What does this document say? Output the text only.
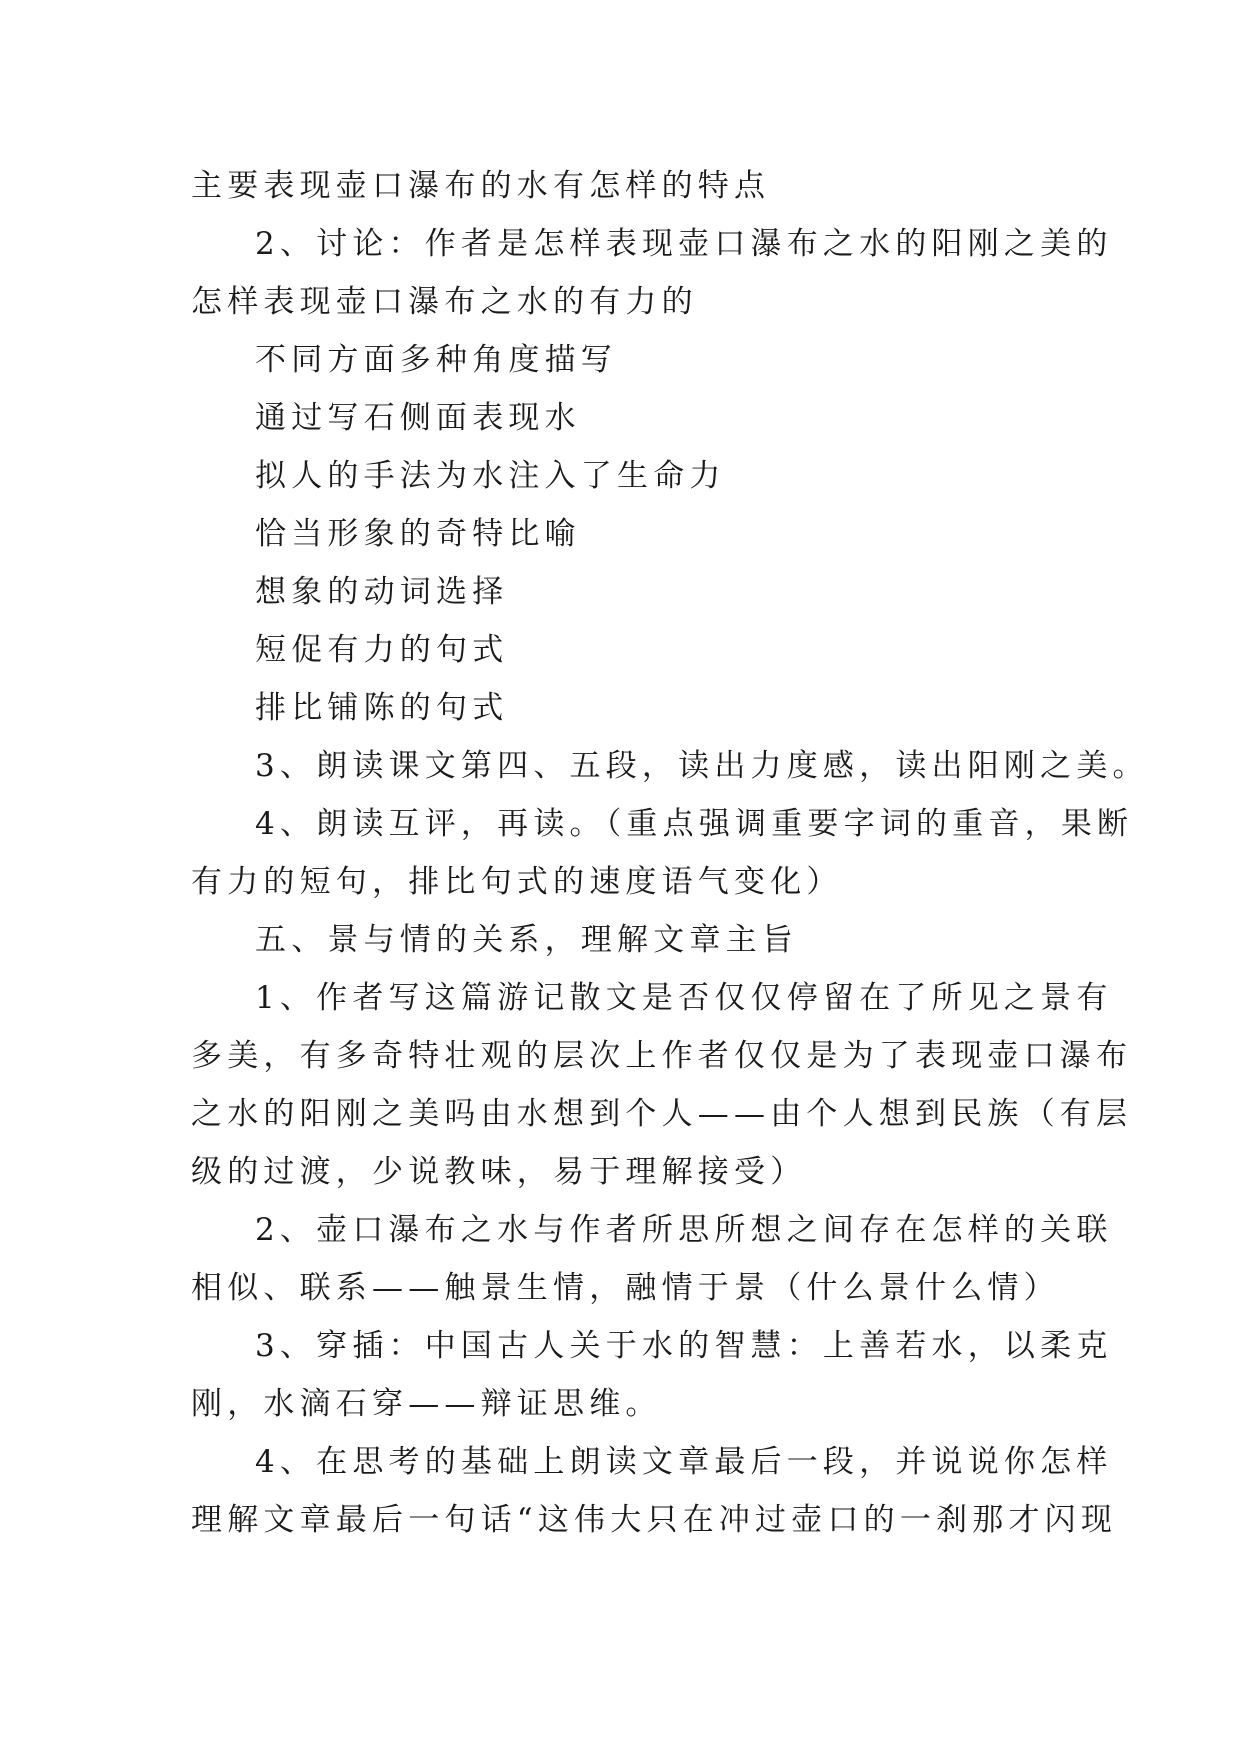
主要表现壶口瀑布的水有怎样的特点
2、讨论：作者是怎样表现壶口瀑布之水的阳刚之美的
怎样表现壶口瀑布之水的有力的
不同方面多种角度描写
通过写石侧面表现水
拟人的手法为水注入了生命力
恰当形象的奇特比喻
想象的动词选择
短促有力的句式
排比铺陈的句式
3、朗读课文第四、五段，读出力度感，读出阳刚之美。
4、朗读互评，再读。（重点强调重要字词的重音，果断
有力的短句，排比句式的速度语气变化）
五、景与情的关系，理解文章主旨
1、作者写这篇游记散文是否仅仅停留在了所见之景有
多美，有多奇特壮观的层次上作者仅仅是为了表现壶口瀑布
之水的阳刚之美吗由水想到个人——由个人想到民族（有层
级的过渡，少说教味，易于理解接受）
2、壶口瀑布之水与作者所思所想之间存在怎样的关联
相似、联系——触景生情，融情于景（什么景什么情）
3、穿插：中国古人关于水的智慧：上善若水，以柔克
刚，水滴石穿——辩证思维。
4、在思考的基础上朗读文章最后一段，并说说你怎样
理解文章最后一句话“这伟大只在冲过壶口的一刹那才闪现
